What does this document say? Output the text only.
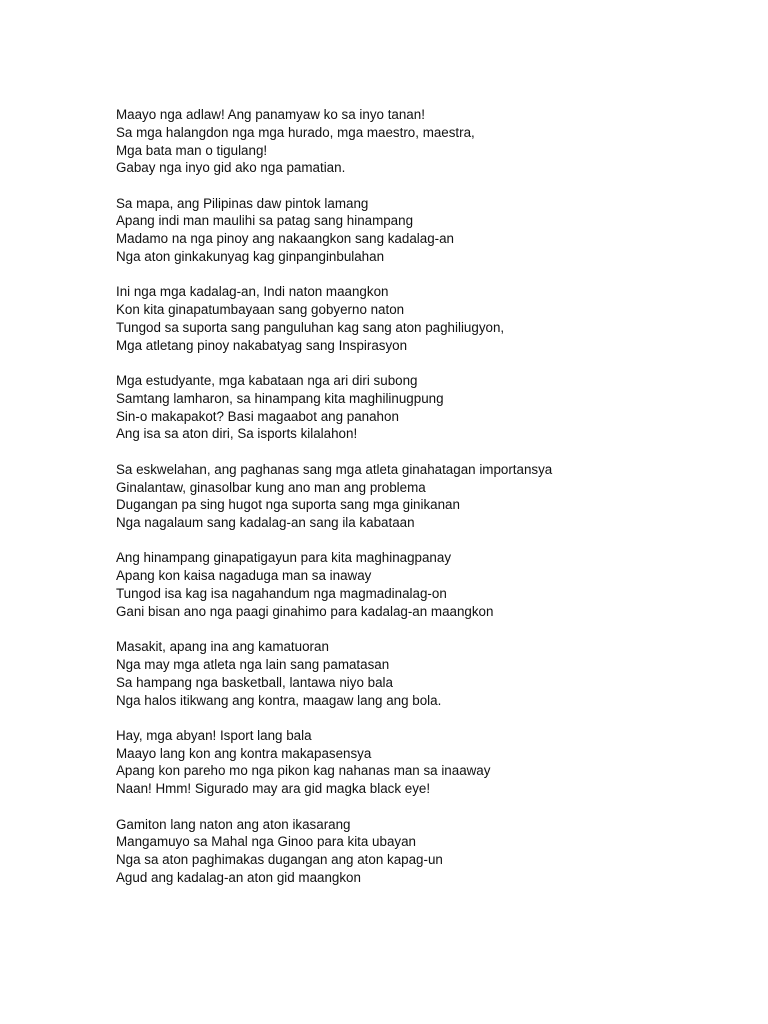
Maayo nga adlaw! Ang panamyaw ko sa inyo tanan!
Sa mga halangdon nga mga hurado, mga maestro, maestra,
Mga bata man o tigulang!
Gabay nga inyo gid ako nga pamatian.
Sa mapa, ang Pilipinas daw pintok lamang
Apang indi man maulihi sa patag sang hinampang
Madamo na nga pinoy ang nakaangkon sang kadalag-an
Nga aton ginkakunyag kag ginpanginbulahan
Ini nga mga kadalag-an, Indi naton maangkon
Kon kita ginapatumbayaan sang gobyerno naton
Tungod sa suporta sang panguluhan kag sang aton paghiliugyon,
Mga atletang pinoy nakabatyag sang Inspirasyon
Mga estudyante, mga kabataan nga ari diri subong
Samtang lamharon, sa hinampang kita maghilinugpung
Sin-o makapakot? Basi magaabot ang panahon
Ang isa sa aton diri, Sa isports kilalahon!
Sa eskwelahan, ang paghanas sang mga atleta ginahatagan importansya
Ginalantaw, ginasolbar kung ano man ang problema
Dugangan pa sing hugot nga suporta sang mga ginikanan
Nga nagalaum sang kadalag-an sang ila kabataan
Ang hinampang ginapatigayun para kita maghinagpanay
Apang kon kaisa nagaduga man sa inaway
Tungod isa kag isa nagahandum nga magmadinalag-on
Gani bisan ano nga paagi ginahimo para kadalag-an maangkon
Masakit, apang ina ang kamatuoran
Nga may mga atleta nga lain sang pamatasan
Sa hampang nga basketball, lantawa niyo bala
Nga halos itikwang ang kontra, maagaw lang ang bola.
Hay, mga abyan! Isport lang bala
Maayo lang kon ang kontra makapasensya
Apang kon pareho mo nga pikon kag nahanas man sa inaaway
Naan! Hmm! Sigurado may ara gid magka black eye!
Gamiton lang naton ang aton ikasarang
Mangamuyo sa Mahal nga Ginoo para kita ubayan
Nga sa aton paghimakas dugangan ang aton kapag-un
Agud ang kadalag-an aton gid maangkon
